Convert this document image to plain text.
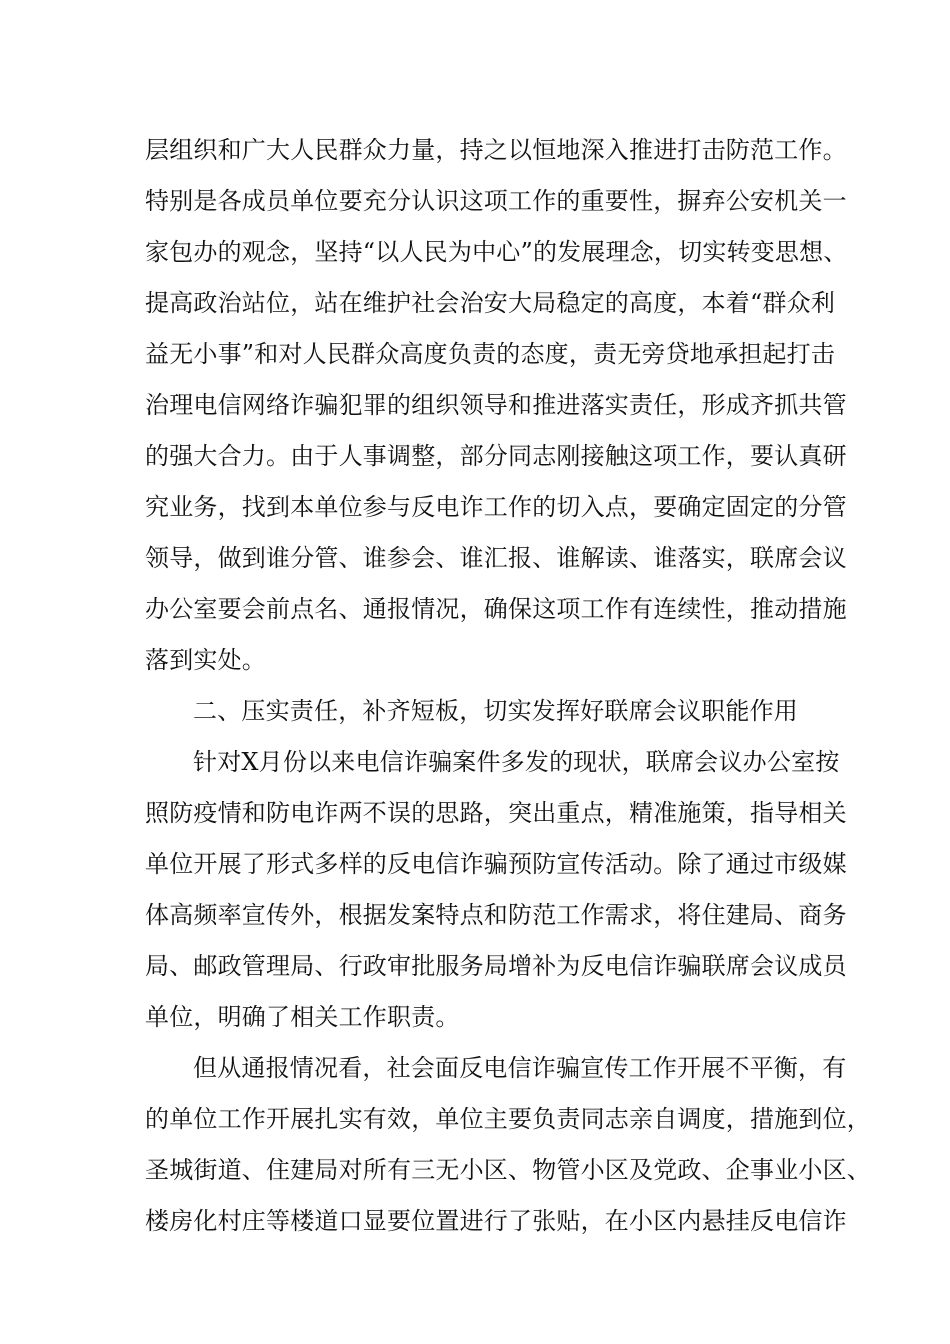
层组织和广大人民群众力量，持之以恒地深入推进打击防范工作。
特别是各成员单位要充分认识这项工作的重要性，摒弃公安机关一
家包办的观念，坚持“以人民为中心”的发展理念，切实转变思想、
提高政治站位，站在维护社会治安大局稳定的高度，本着“群众利
益无小事”和对人民群众高度负责的态度，责无旁贷地承担起打击
治理电信网络诈骗犯罪的组织领导和推进落实责任，形成齐抓共管
的强大合力。由于人事调整，部分同志刚接触这项工作，要认真研
究业务，找到本单位参与反电诈工作的切入点，要确定固定的分管
领导，做到谁分管、谁参会、谁汇报、谁解读、谁落实，联席会议
办公室要会前点名、通报情况，确保这项工作有连续性，推动措施
落到实处。
二、压实责任，补齐短板，切实发挥好联席会议职能作用
针对X月份以来电信诈骗案件多发的现状，联席会议办公室按
照防疫情和防电诈两不误的思路，突出重点，精准施策，指导相关
单位开展了形式多样的反电信诈骗预防宣传活动。除了通过市级媒
体高频率宣传外，根据发案特点和防范工作需求，将住建局、商务
局、邮政管理局、行政审批服务局增补为反电信诈骗联席会议成员
单位，明确了相关工作职责。
但从通报情况看，社会面反电信诈骗宣传工作开展不平衡，有
的单位工作开展扎实有效，单位主要负责同志亲自调度，措施到位，
圣城街道、住建局对所有三无小区、物管小区及党政、企事业小区、
楼房化村庄等楼道口显要位置进行了张贴，在小区内悬挂反电信诈
